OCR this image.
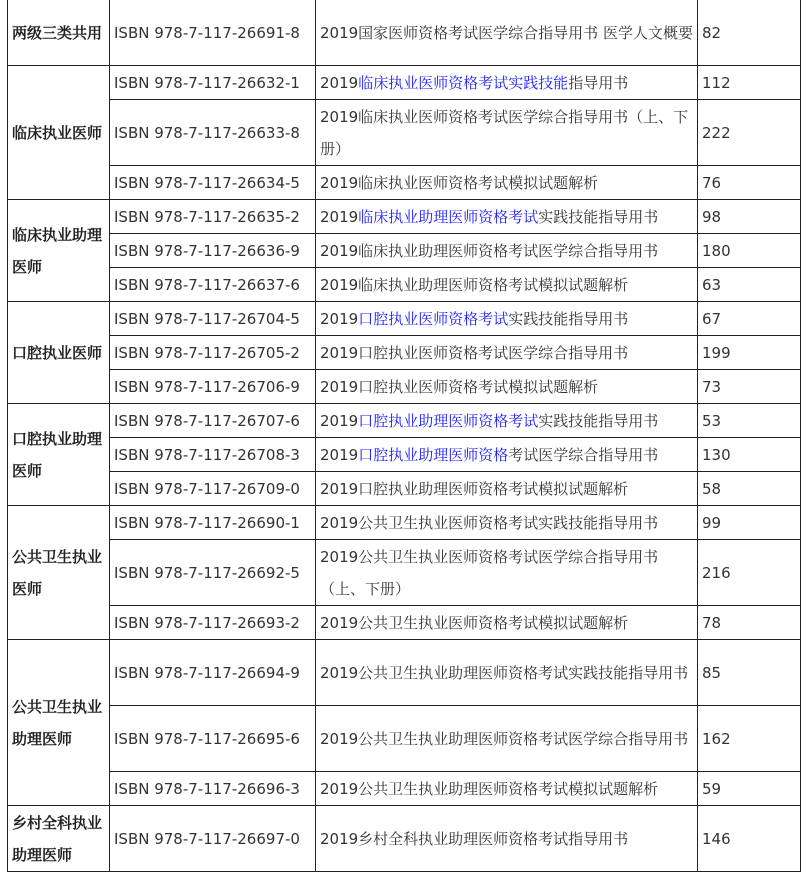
两级三类共用	ISBN 978-7-117-26691-8	2019国家医师资格考试医学综合指导用书 医学人文概要	82
临床执业医师	ISBN 978-7-117-26632-1	2019临床执业医师资格考试实践技能指导用书	112
	ISBN 978-7-117-26633-8	2019临床执业医师资格考试医学综合指导用书（上、下册）	222
	ISBN 978-7-117-26634-5	2019临床执业医师资格考试模拟试题解析	76
临床执业助理医师	ISBN 978-7-117-26635-2	2019临床执业助理医师资格考试实践技能指导用书	98
	ISBN 978-7-117-26636-9	2019临床执业助理医师资格考试医学综合指导用书	180
	ISBN 978-7-117-26637-6	2019临床执业助理医师资格考试模拟试题解析	63
口腔执业医师	ISBN 978-7-117-26704-5	2019口腔执业医师资格考试实践技能指导用书	67
	ISBN 978-7-117-26705-2	2019口腔执业医师资格考试医学综合指导用书	199
	ISBN 978-7-117-26706-9	2019口腔执业医师资格考试模拟试题解析	73
口腔执业助理医师	ISBN 978-7-117-26707-6	2019口腔执业助理医师资格考试实践技能指导用书	53
	ISBN 978-7-117-26708-3	2019口腔执业助理医师资格考试医学综合指导用书	130
	ISBN 978-7-117-26709-0	2019口腔执业助理医师资格考试模拟试题解析	58
公共卫生执业医师	ISBN 978-7-117-26690-1	2019公共卫生执业医师资格考试实践技能指导用书	99
	ISBN 978-7-117-26692-5	2019公共卫生执业医师资格考试医学综合指导用书（上、下册）	216
	ISBN 978-7-117-26693-2	2019公共卫生执业医师资格考试模拟试题解析	78
公共卫生执业助理医师	ISBN 978-7-117-26694-9	2019公共卫生执业助理医师资格考试实践技能指导用书	85
	ISBN 978-7-117-26695-6	2019公共卫生执业助理医师资格考试医学综合指导用书	162
	ISBN 978-7-117-26696-3	2019公共卫生执业助理医师资格考试模拟试题解析	59
乡村全科执业助理医师	ISBN 978-7-117-26697-0	2019乡村全科执业助理医师资格考试指导用书	146
